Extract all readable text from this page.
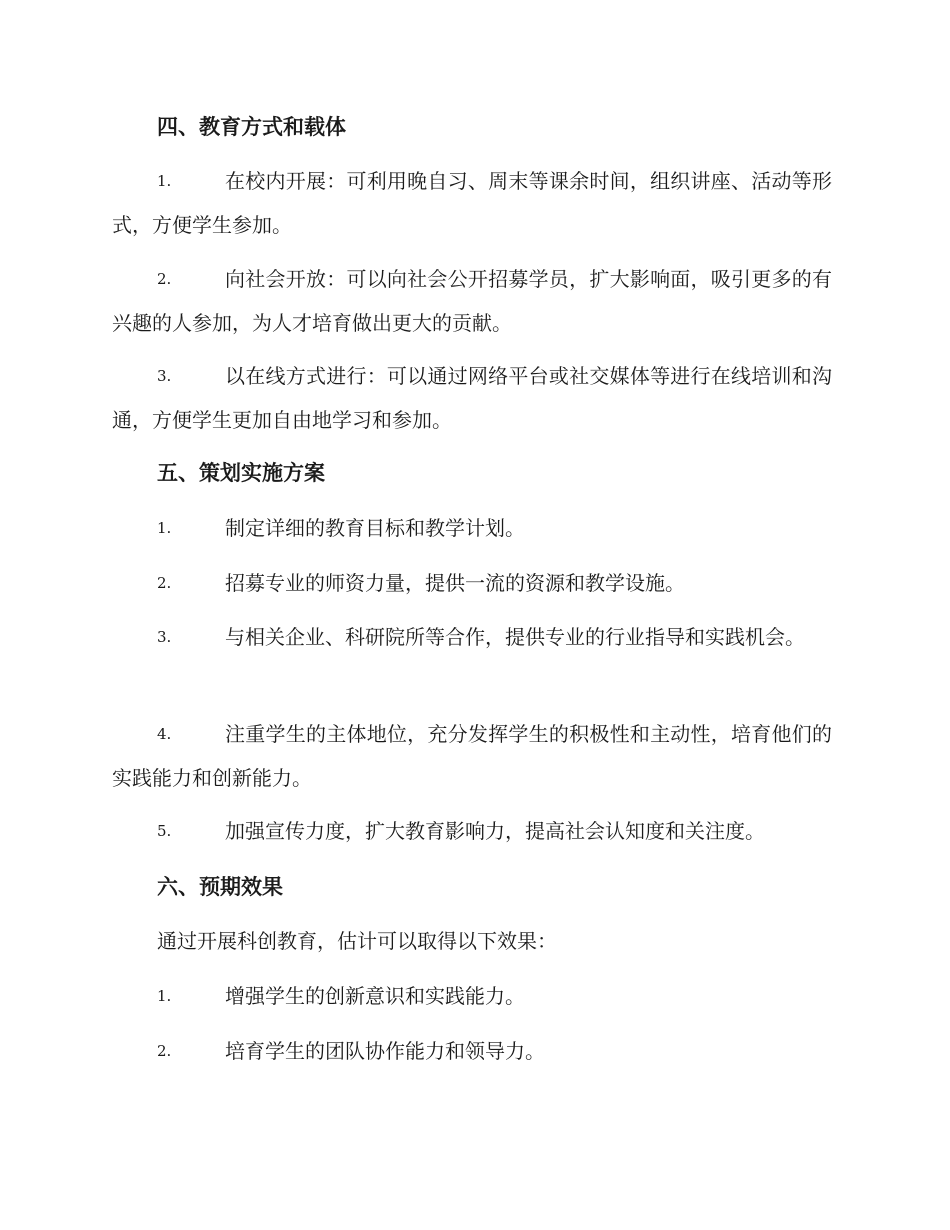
四、教育方式和载体
1.	在校内开展：可利用晚自习、周末等课余时间，组织讲座、活动等形式，方便学生参加。
2.	向社会开放：可以向社会公开招募学员，扩大影响面，吸引更多的有兴趣的人参加，为人才培育做出更大的贡献。
3.	以在线方式进行：可以通过网络平台或社交媒体等进行在线培训和沟通，方便学生更加自由地学习和参加。
五、策划实施方案
1.	制定详细的教育目标和教学计划。
2.	招募专业的师资力量，提供一流的资源和教学设施。
3.	与相关企业、科研院所等合作，提供专业的行业指导和实践机会。
4.	注重学生的主体地位，充分发挥学生的积极性和主动性，培育他们的实践能力和创新能力。
5.	加强宣传力度，扩大教育影响力，提高社会认知度和关注度。
六、预期效果
通过开展科创教育，估计可以取得以下效果：
1.	增强学生的创新意识和实践能力。
2.	培育学生的团队协作能力和领导力。
